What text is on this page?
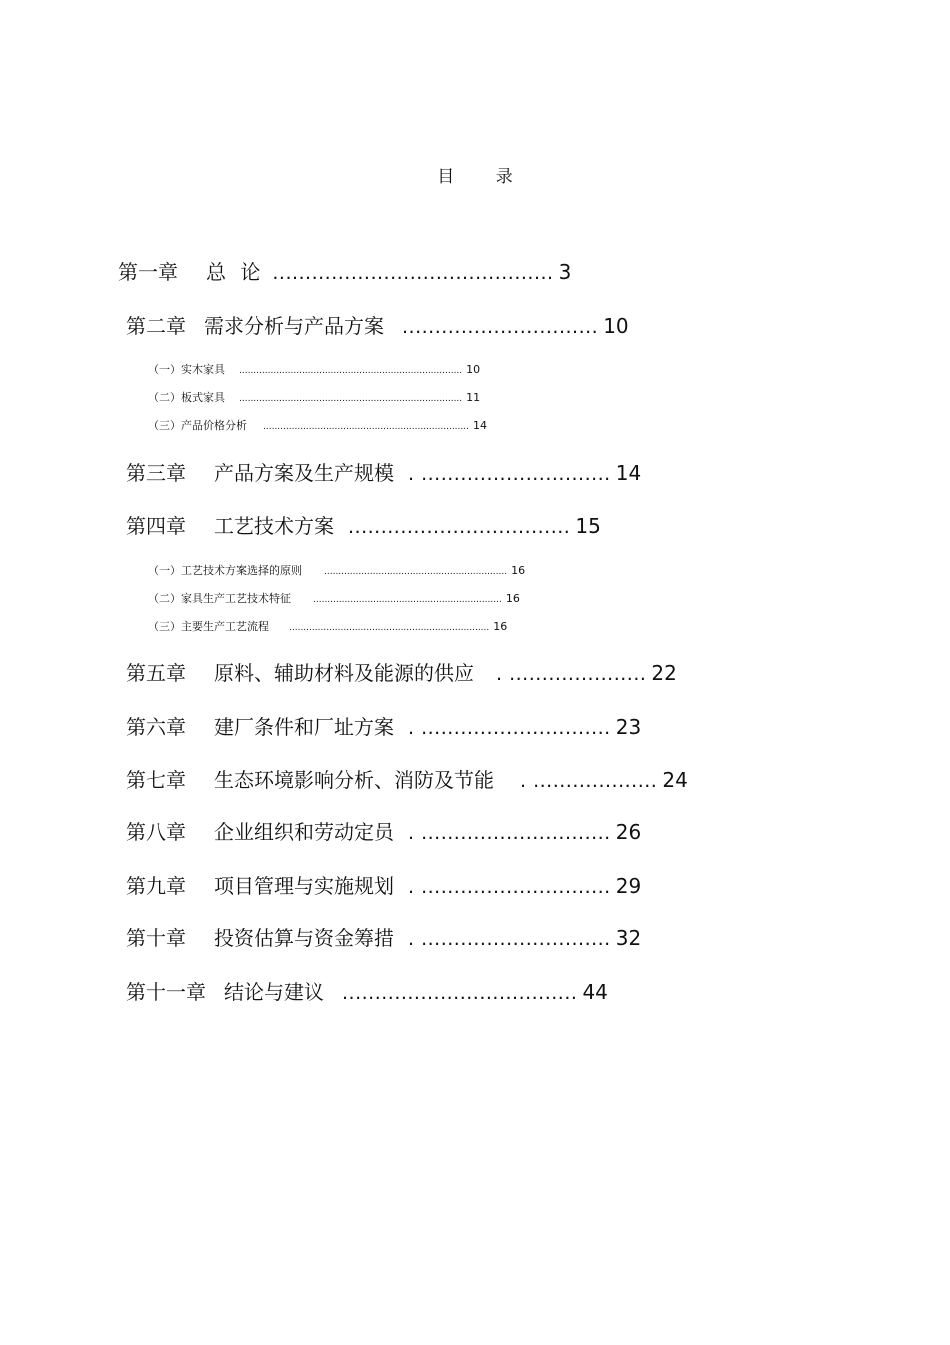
目 录
第一章 总 论 ........................................... 3
第二章 需求分析与产品方案 .............................. 10
（一） 实木家具 .............................................................................. 10
（二） 板式家具 .............................................................................. 11
（三） 产品价格分析 ........................................................................ 14
第三章 产品方案及生产规模 . ............................. 14
第四章 工艺技术方案 .................................. 15
（一） 工艺技术方案选择的原则 ................................................................ 16
（二） 家具生产工艺技术特征 .................................................................. 16
（三） 主要生产工艺流程 ...................................................................... 16
第五章 原料、辅助材料及能源的供应 . ..................... 22
第六章 建厂条件和厂址方案 . ............................. 23
第七章 生态环境影响分析、消防及节能 . ................... 24
第八章 企业组织和劳动定员 . ............................. 26
第九章 项目管理与实施规划 . ............................. 29
第十章 投资估算与资金筹措 . ............................. 32
第十一章 结论与建议 .................................... 44
